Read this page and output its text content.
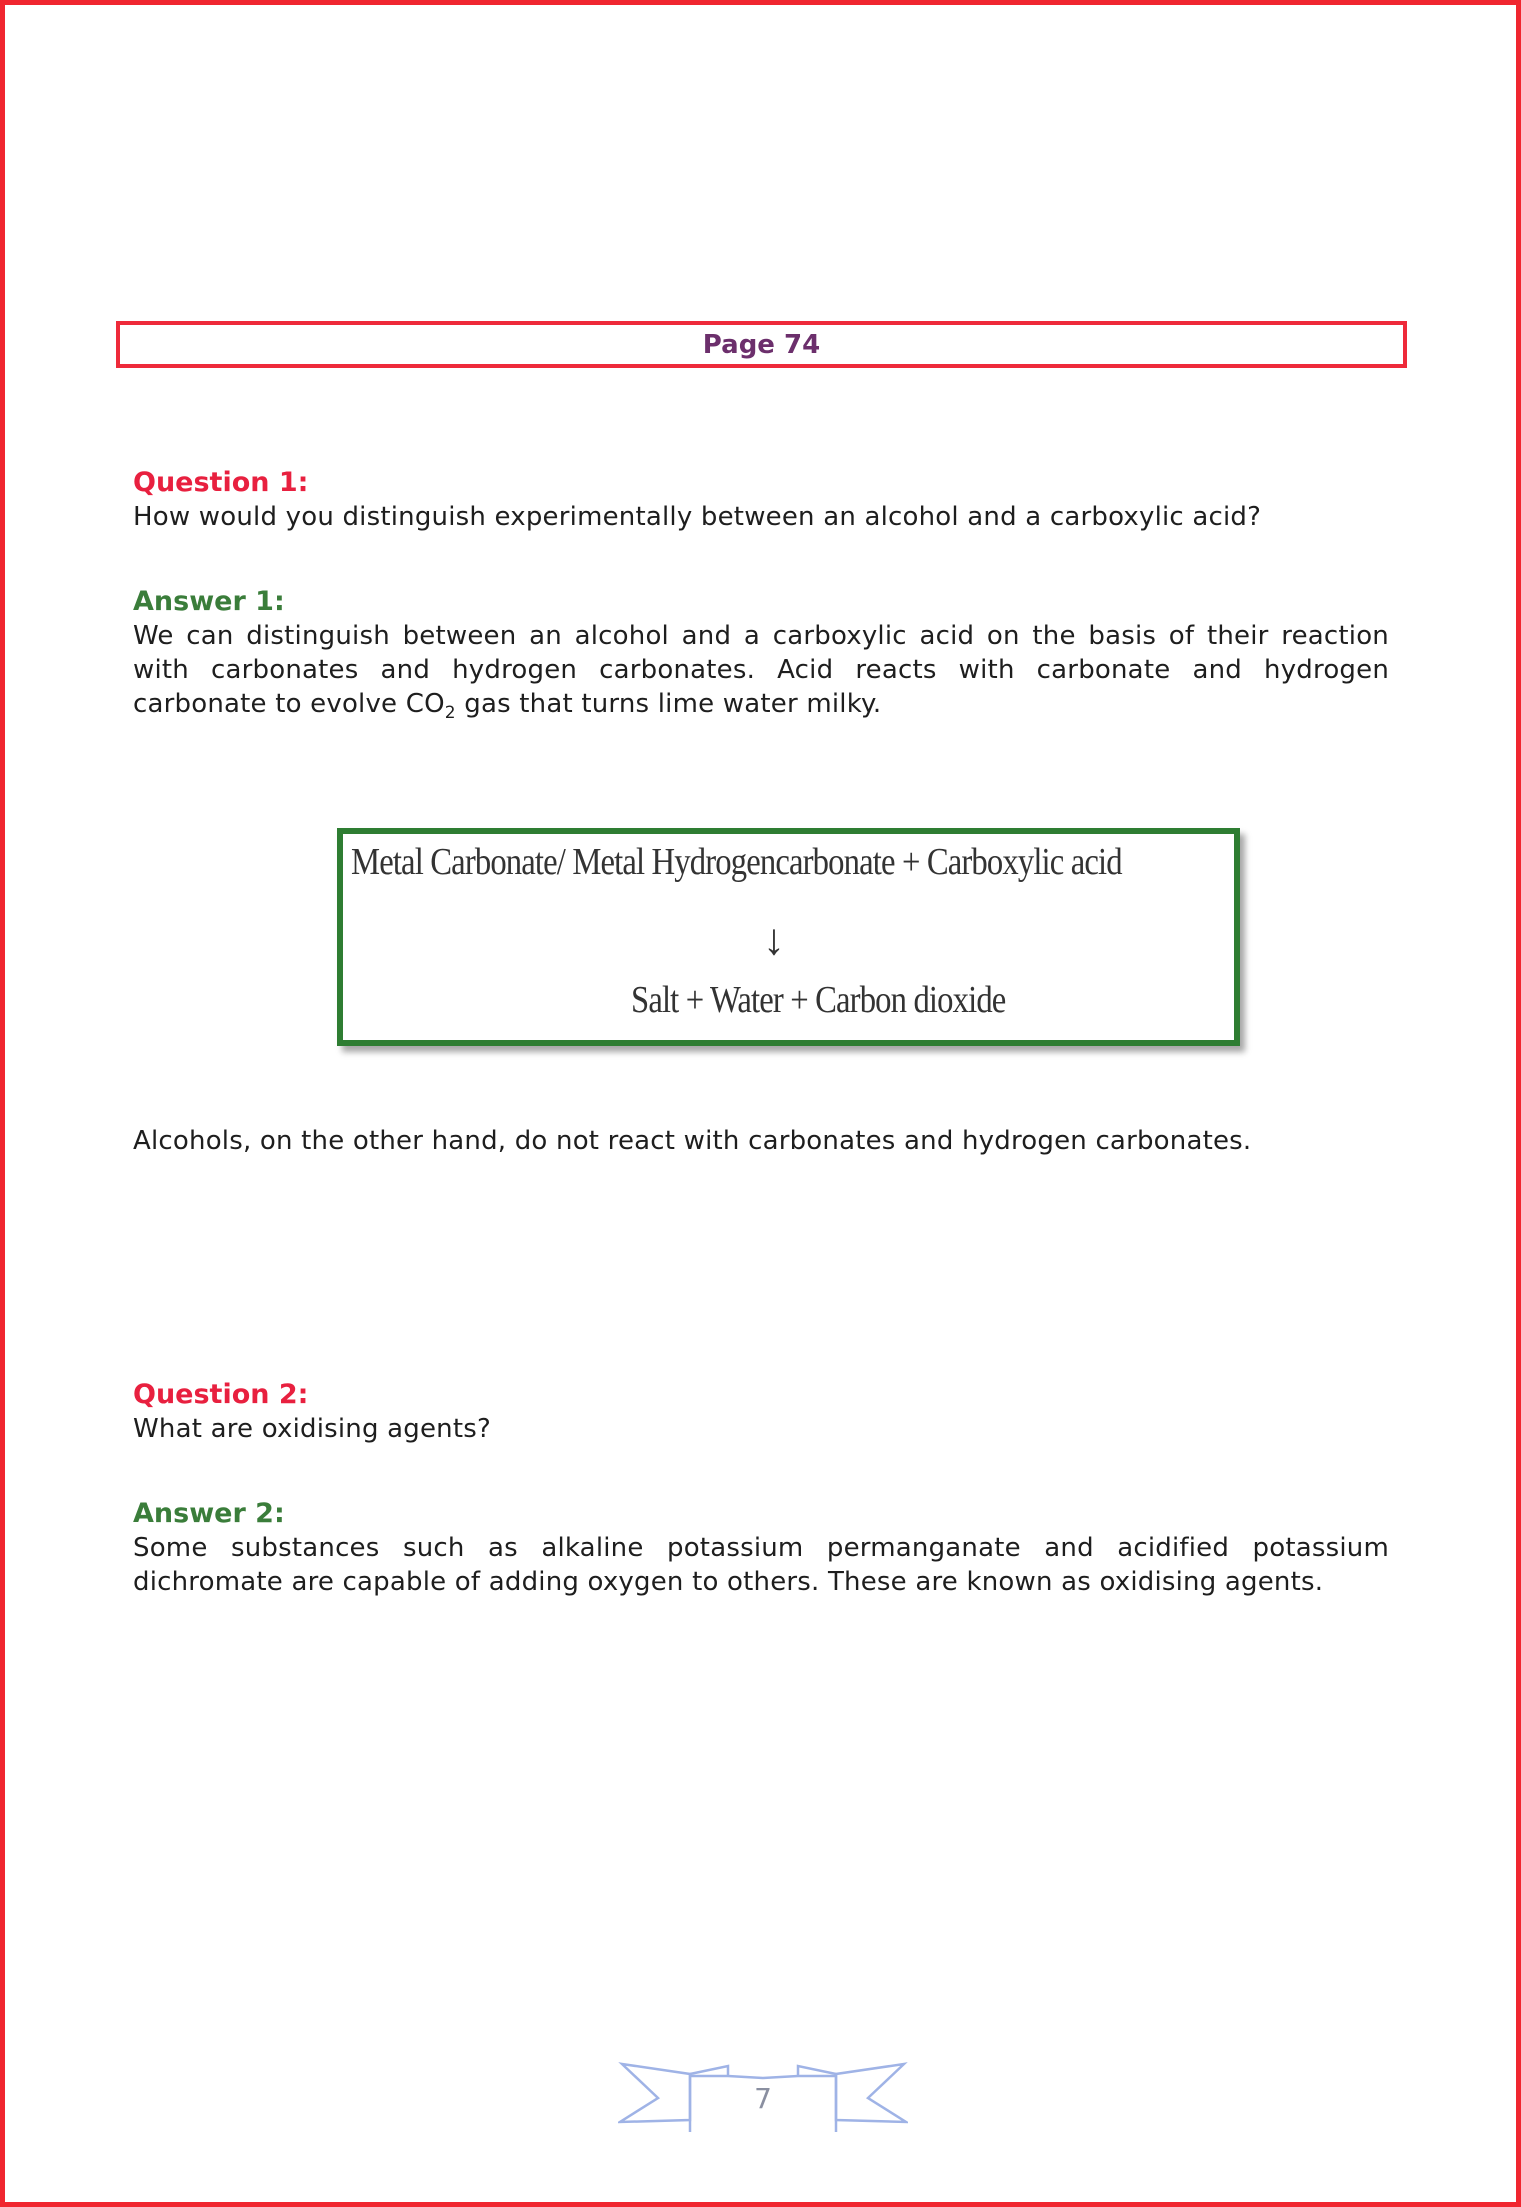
Page 74
Question 1:
How would you distinguish experimentally between an alcohol and a carboxylic acid?
Answer 1:
We can distinguish between an alcohol and a carboxylic acid on the basis of their reaction
with carbonates and hydrogen carbonates. Acid reacts with carbonate and hydrogen
carbonate to evolve $CO_2$ gas that turns lime water milky.
Metal Carbonate/ Metal Hydrogencarbonate + Carboxylic acid
↓
Salt + Water + Carbon dioxide
Alcohols, on the other hand, do not react with carbonates and hydrogen carbonates.
Question 2:
What are oxidising agents?
Answer 2:
Some substances such as alkaline potassium permanganate and acidified potassium
dichromate are capable of adding oxygen to others. These are known as oxidising agents.
7
